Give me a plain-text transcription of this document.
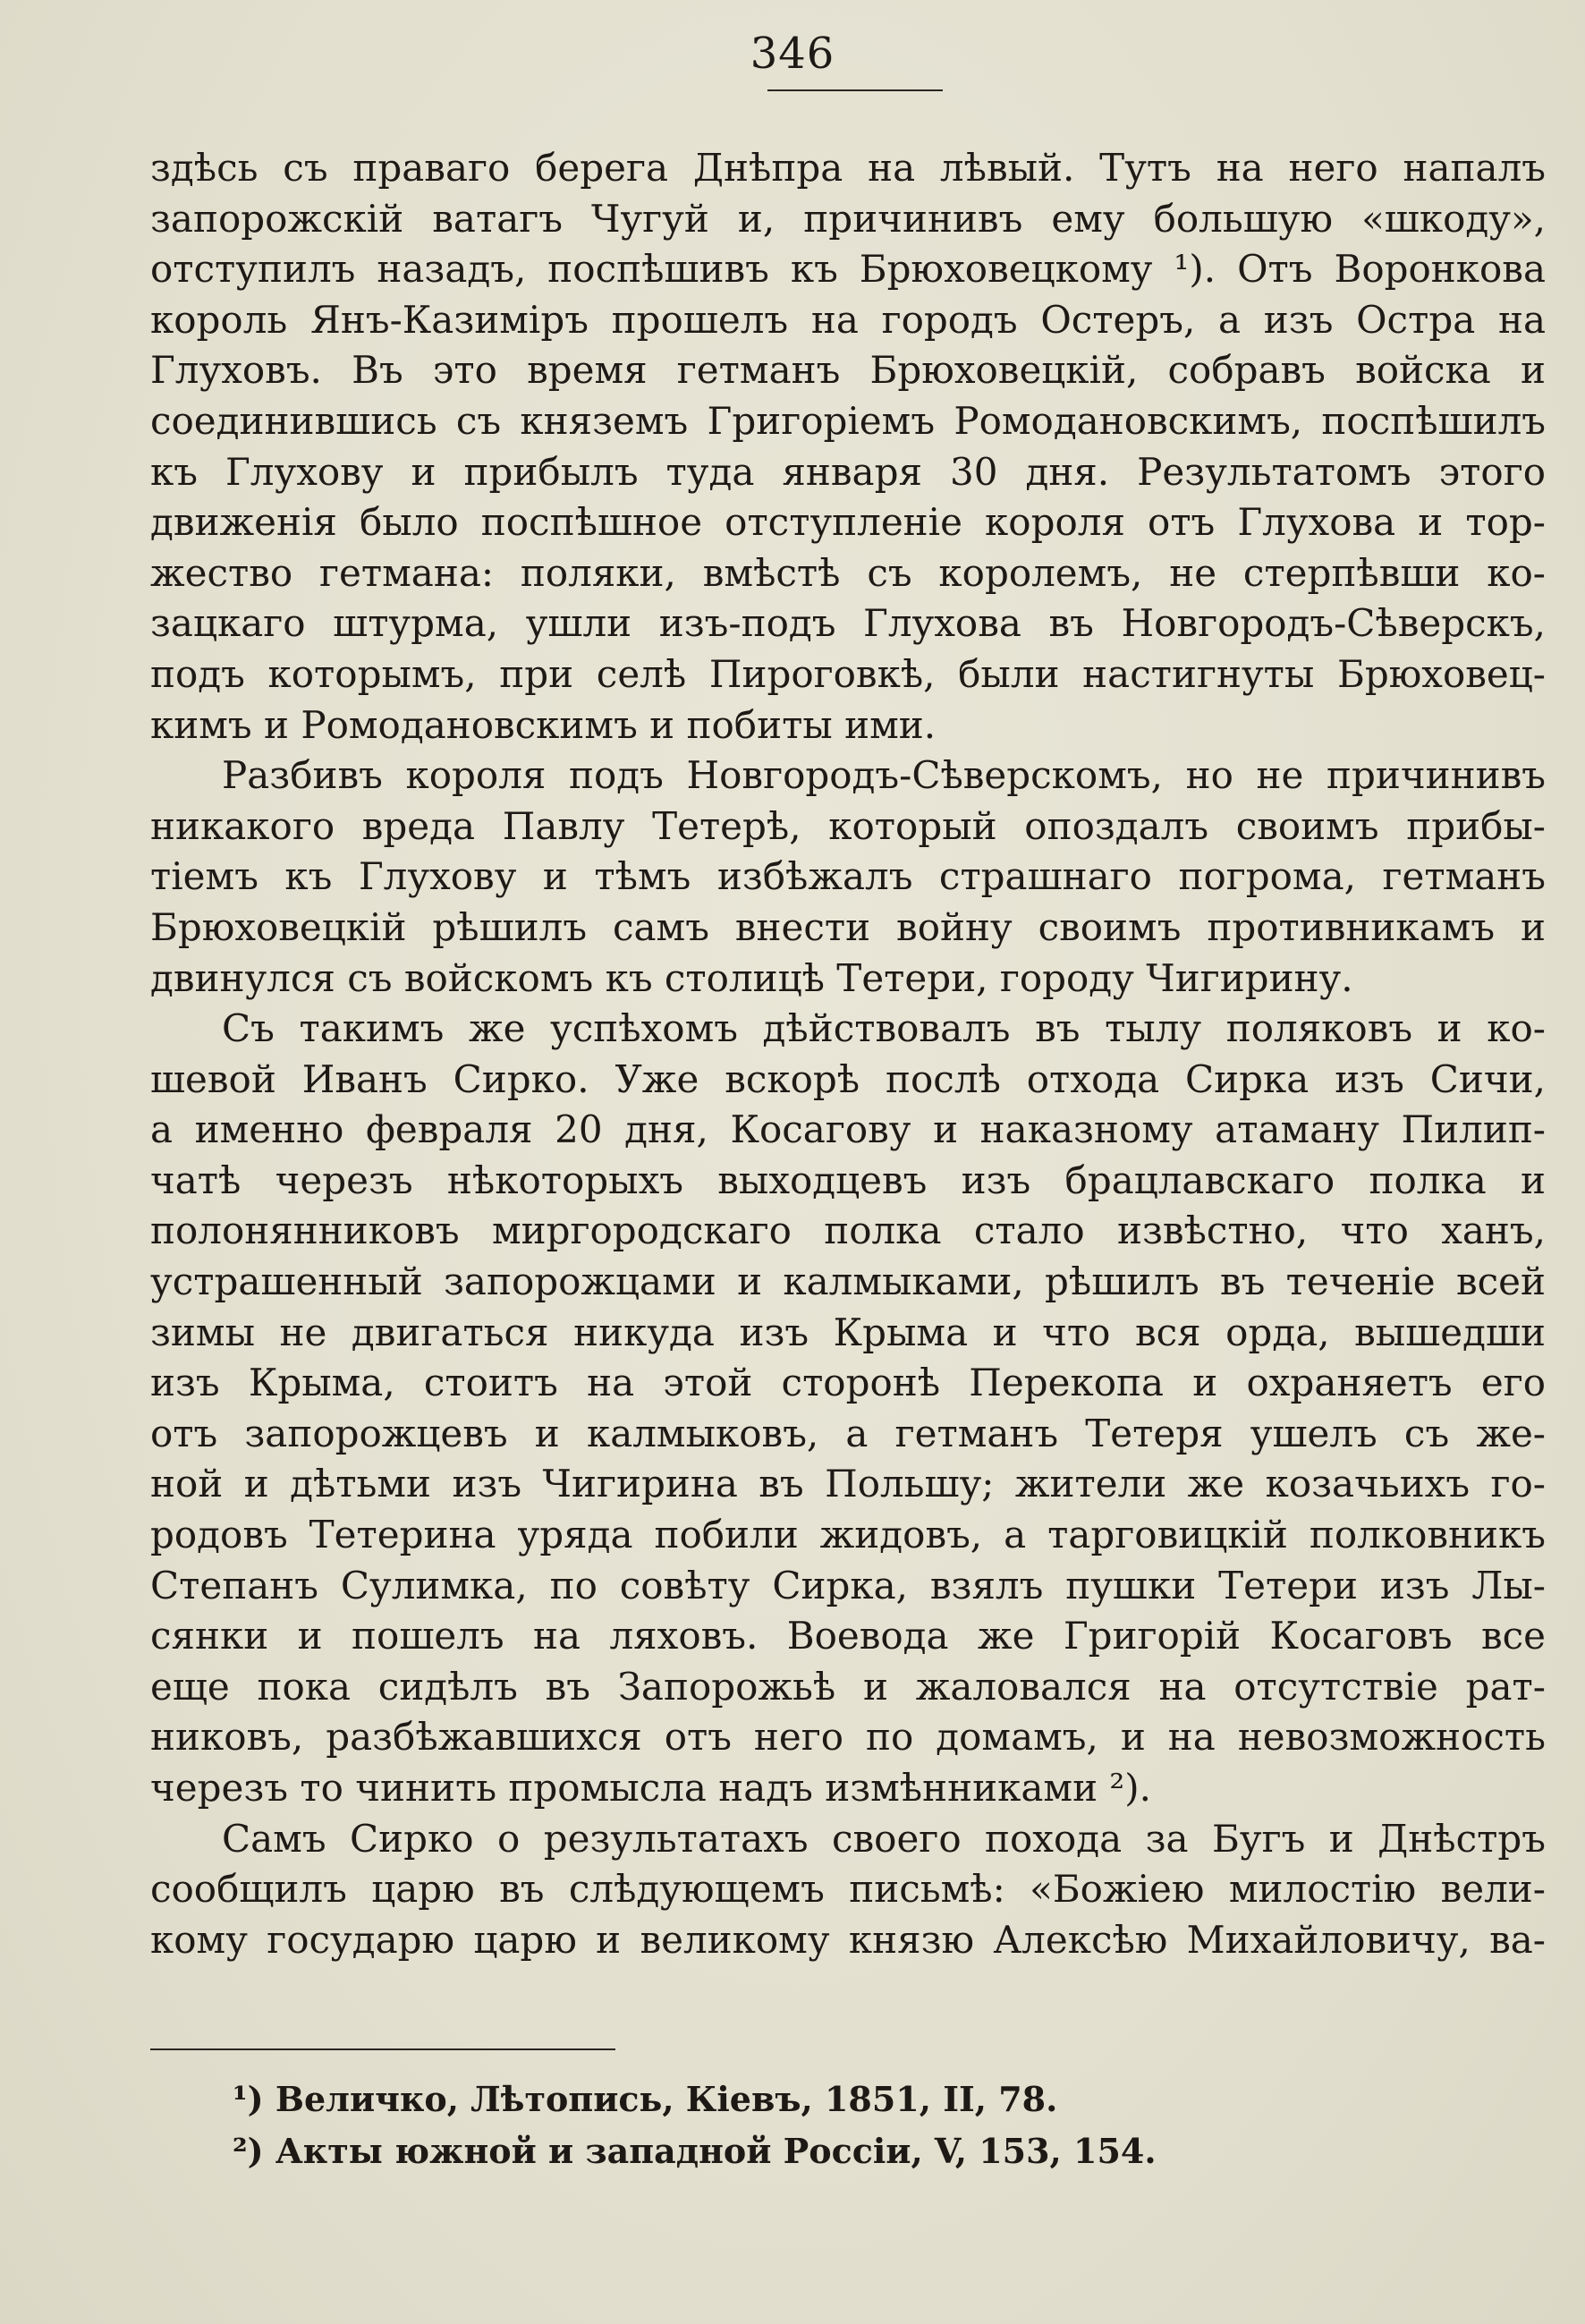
346
здѣсь съ праваго берега Днѣпра на лѣвый. Тутъ на него напалъ
запорожскій ватагъ Чугуй и, причинивъ ему большую «шкоду»,
отступилъ назадъ, поспѣшивъ къ Брюховецкому ¹). Отъ Воронкова
король Янъ-Казиміръ прошелъ на городъ Остеръ, а изъ Остра на
Глуховъ. Въ это время гетманъ Брюховецкій, собравъ войска и
соединившись съ княземъ Григоріемъ Ромодановскимъ, поспѣшилъ
къ Глухову и прибылъ туда января 30 дня. Результатомъ этого
движенія было поспѣшное отступленіе короля отъ Глухова и тор-
жество гетмана: поляки, вмѣстѣ съ королемъ, не стерпѣвши ко-
зацкаго штурма, ушли изъ-подъ Глухова въ Новгородъ-Сѣверскъ,
подъ которымъ, при селѣ Пироговкѣ, были настигнуты Брюховец-
кимъ и Ромодановскимъ и побиты ими.
Разбивъ короля подъ Новгородъ-Сѣверскомъ, но не причинивъ
никакого вреда Павлу Тетерѣ, который опоздалъ своимъ прибы-
тіемъ къ Глухову и тѣмъ избѣжалъ страшнаго погрома, гетманъ
Брюховецкій рѣшилъ самъ внести войну своимъ противникамъ и
двинулся съ войскомъ къ столицѣ Тетери, городу Чигирину.
Съ такимъ же успѣхомъ дѣйствовалъ въ тылу поляковъ и ко-
шевой Иванъ Сирко. Уже вскорѣ послѣ отхода Сирка изъ Сичи,
а именно февраля 20 дня, Косагову и наказному атаману Пилип-
чатѣ черезъ нѣкоторыхъ выходцевъ изъ брацлавскаго полка и
полонянниковъ миргородскаго полка стало извѣстно, что ханъ,
устрашенный запорожцами и калмыками, рѣшилъ въ теченіе всей
зимы не двигаться никуда изъ Крыма и что вся орда, вышедши
изъ Крыма, стоитъ на этой сторонѣ Перекопа и охраняетъ его
отъ запорожцевъ и калмыковъ, а гетманъ Тетеря ушелъ съ же-
ной и дѣтьми изъ Чигирина въ Польшу; жители же козачьихъ го-
родовъ Тетерина уряда побили жидовъ, а тарговицкій полковникъ
Степанъ Сулимка, по совѣту Сирка, взялъ пушки Тетери изъ Лы-
сянки и пошелъ на ляховъ. Воевода же Григорій Косаговъ все
еще пока сидѣлъ въ Запорожьѣ и жаловался на отсутствіе рат-
никовъ, разбѣжавшихся отъ него по домамъ, и на невозможность
черезъ то чинить промысла надъ измѣнниками ²).
Самъ Сирко о результатахъ своего похода за Бугъ и Днѣстръ
сообщилъ царю въ слѣдующемъ письмѣ: «Божіею милостію вели-
кому государю царю и великому князю Алексѣю Михайловичу, ва-
¹) Величко, Лѣтопись, Кіевъ, 1851, II, 78.
²) Акты южной и западной Россіи, V, 153, 154.
